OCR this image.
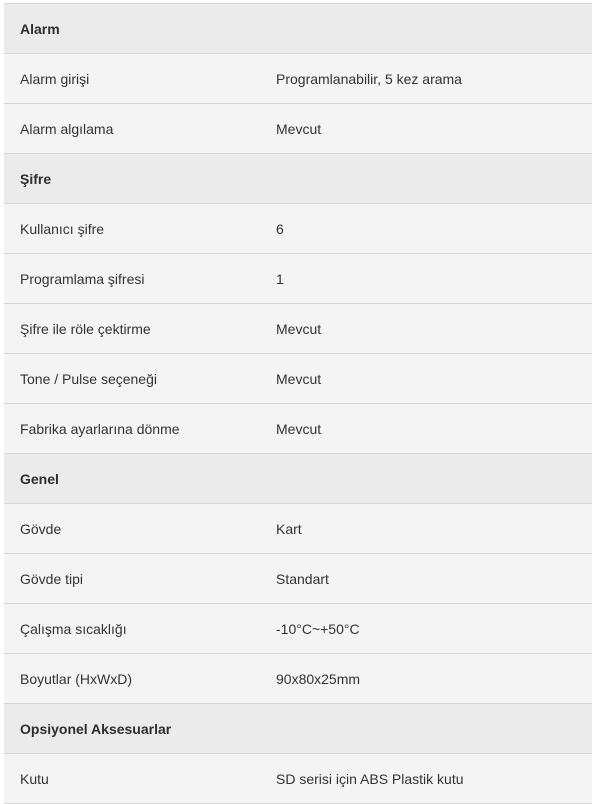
Alarm	
Alarm girişi	Programlanabilir, 5 kez arama
Alarm algılama	Mevcut
Şifre	
Kullanıcı şifre	6
Programlama şifresi	1
Şifre ile röle çektirme	Mevcut
Tone / Pulse seçeneği	Mevcut
Fabrika ayarlarına dönme	Mevcut
Genel	
Gövde	Kart
Gövde tipi	Standart
Çalışma sıcaklığı	-10°C~+50°C
Boyutlar (HxWxD)	90x80x25mm
Opsiyonel Aksesuarlar	
Kutu	SD serisi için ABS Plastik kutu
